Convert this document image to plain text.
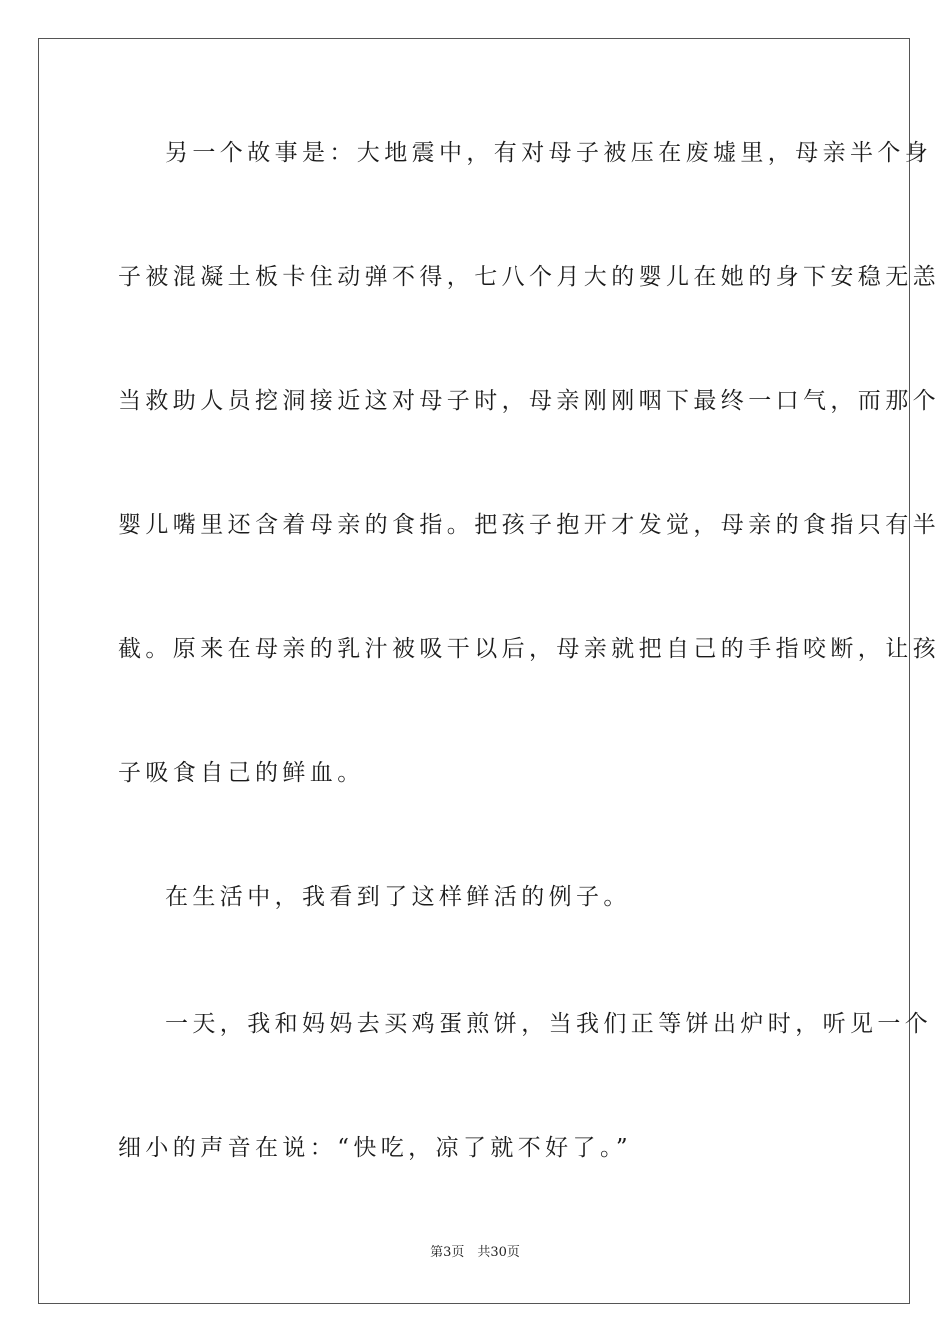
另一个故事是：大地震中，有对母子被压在废墟里，母亲半个身
子被混凝土板卡住动弹不得，七八个月大的婴儿在她的身下安稳无恙
当救助人员挖洞接近这对母子时，母亲刚刚咽下最终一口气，而那个
婴儿嘴里还含着母亲的食指。把孩子抱开才发觉，母亲的食指只有半
截。原来在母亲的乳汁被吸干以后，母亲就把自己的手指咬断，让孩
子吸食自己的鲜血。
在生活中，我看到了这样鲜活的例子。
一天，我和妈妈去买鸡蛋煎饼，当我们正等饼出炉时，听见一个
细小的声音在说：“快吃，凉了就不好了。”
第3页　共30页
